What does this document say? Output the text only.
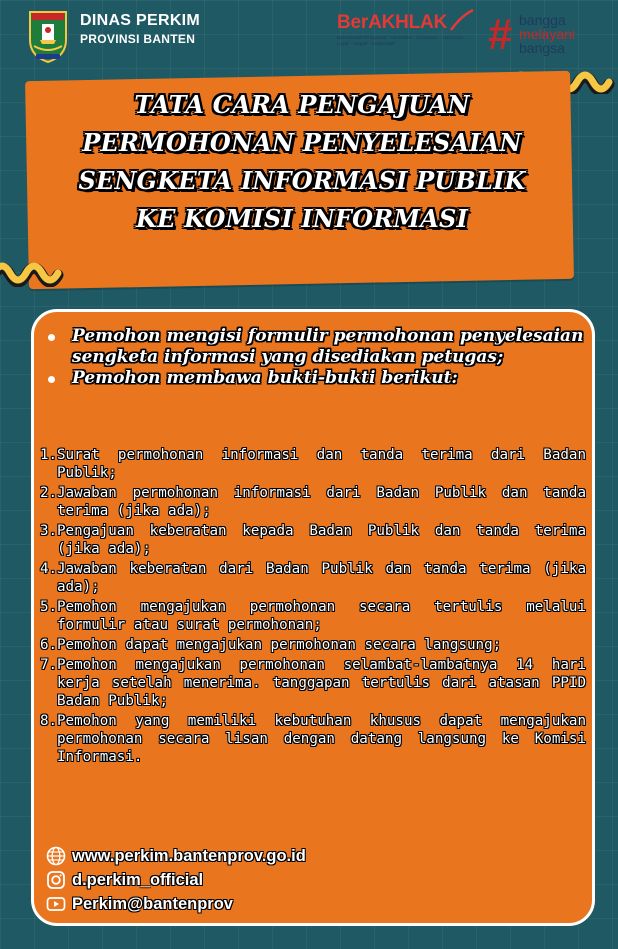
DINAS PERKIM
PROVINSI BANTEN
BerAKHLAK
Berorientasi Pelayanan · Akuntabel · Kompeten · Harmonis · Loyal · Adaptif · Kolaboratif	# bangga
melayani
bangsa
TATA CARA PENGAJUAN
PERMOHONAN PENYELESAIAN
SENGKETA INFORMASI PUBLIK
KE KOMISI INFORMASI
Pemohon mengisi formulir permohonan penyelesaian sengketa informasi yang disediakan petugas;
Pemohon membawa bukti-bukti berikut:
1. Surat permohonan informasi dan tanda terima dari Badan Publik;
2. Jawaban permohonan informasi dari Badan Publik dan tanda terima (jika ada);
3. Pengajuan keberatan kepada Badan Publik dan tanda terima (jika ada);
4. Jawaban keberatan dari Badan Publik dan tanda terima (jika ada);
5. Pemohon mengajukan permohonan secara tertulis melalui formulir atau surat permohonan;
6. Pemohon dapat mengajukan permohonan secara langsung;
7. Pemohon mengajukan permohonan selambat-lambatnya 14 hari kerja setelah menerima. tanggapan tertulis dari atasan PPID Badan Publik;
8. Pemohon yang memiliki kebutuhan khusus dapat mengajukan permohonan secara lisan dengan datang langsung ke Komisi Informasi.
www.perkim.bantenprov.go.id
d.perkim_official
Perkim@bantenprov
